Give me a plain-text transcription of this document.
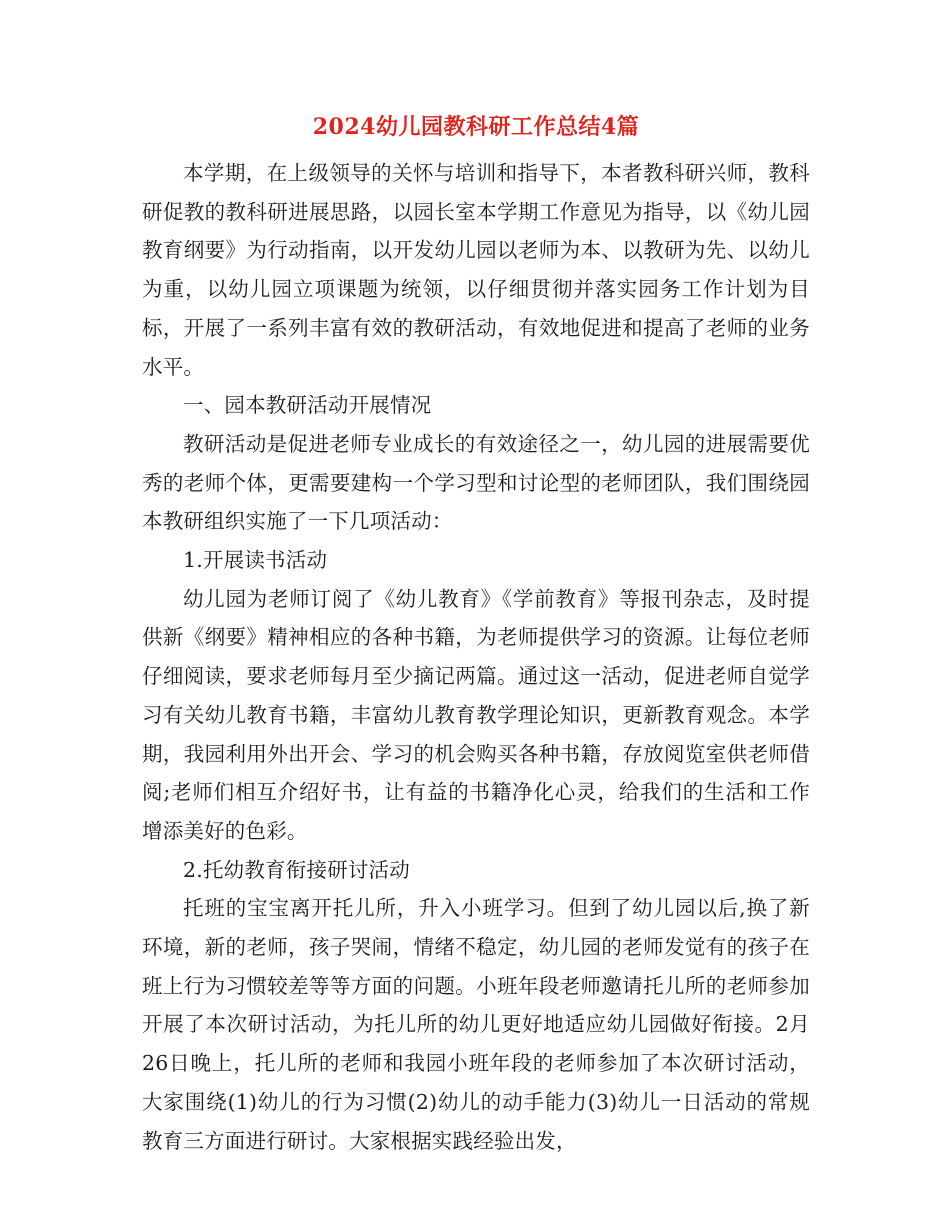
2024幼儿园教科研工作总结4篇

本学期，在上级领导的关怀与培训和指导下，本者教科研兴师，教科研促教的教科研进展思路，以园长室本学期工作意见为指导，以《幼儿园教育纲要》为行动指南，以开发幼儿园以老师为本、以教研为先、以幼儿为重，以幼儿园立项课题为统领，以仔细贯彻并落实园务工作计划为目标，开展了一系列丰富有效的教研活动，有效地促进和提高了老师的业务水平。

一、园本教研活动开展情况

教研活动是促进老师专业成长的有效途径之一，幼儿园的进展需要优秀的老师个体，更需要建构一个学习型和讨论型的老师团队，我们围绕园本教研组织实施了一下几项活动：

1.开展读书活动

幼儿园为老师订阅了《幼儿教育》《学前教育》等报刊杂志，及时提供新《纲要》精神相应的各种书籍，为老师提供学习的资源。让每位老师仔细阅读，要求老师每月至少摘记两篇。通过这一活动，促进老师自觉学习有关幼儿教育书籍，丰富幼儿教育教学理论知识，更新教育观念。本学期，我园利用外出开会、学习的机会购买各种书籍，存放阅览室供老师借阅;老师们相互介绍好书，让有益的书籍净化心灵，给我们的生活和工作增添美好的色彩。

2.托幼教育衔接研讨活动

托班的宝宝离开托儿所，升入小班学习。但到了幼儿园以后,换了新环境，新的老师，孩子哭闹，情绪不稳定，幼儿园的老师发觉有的孩子在班上行为习惯较差等等方面的问题。小班年段老师邀请托儿所的老师参加开展了本次研讨活动，为托儿所的幼儿更好地适应幼儿园做好衔接。2月26日晚上，托儿所的老师和我园小班年段的老师参加了本次研讨活动，大家围绕(1)幼儿的行为习惯(2)幼儿的动手能力(3)幼儿一日活动的常规教育三方面进行研讨。大家根据实践经验出发，
